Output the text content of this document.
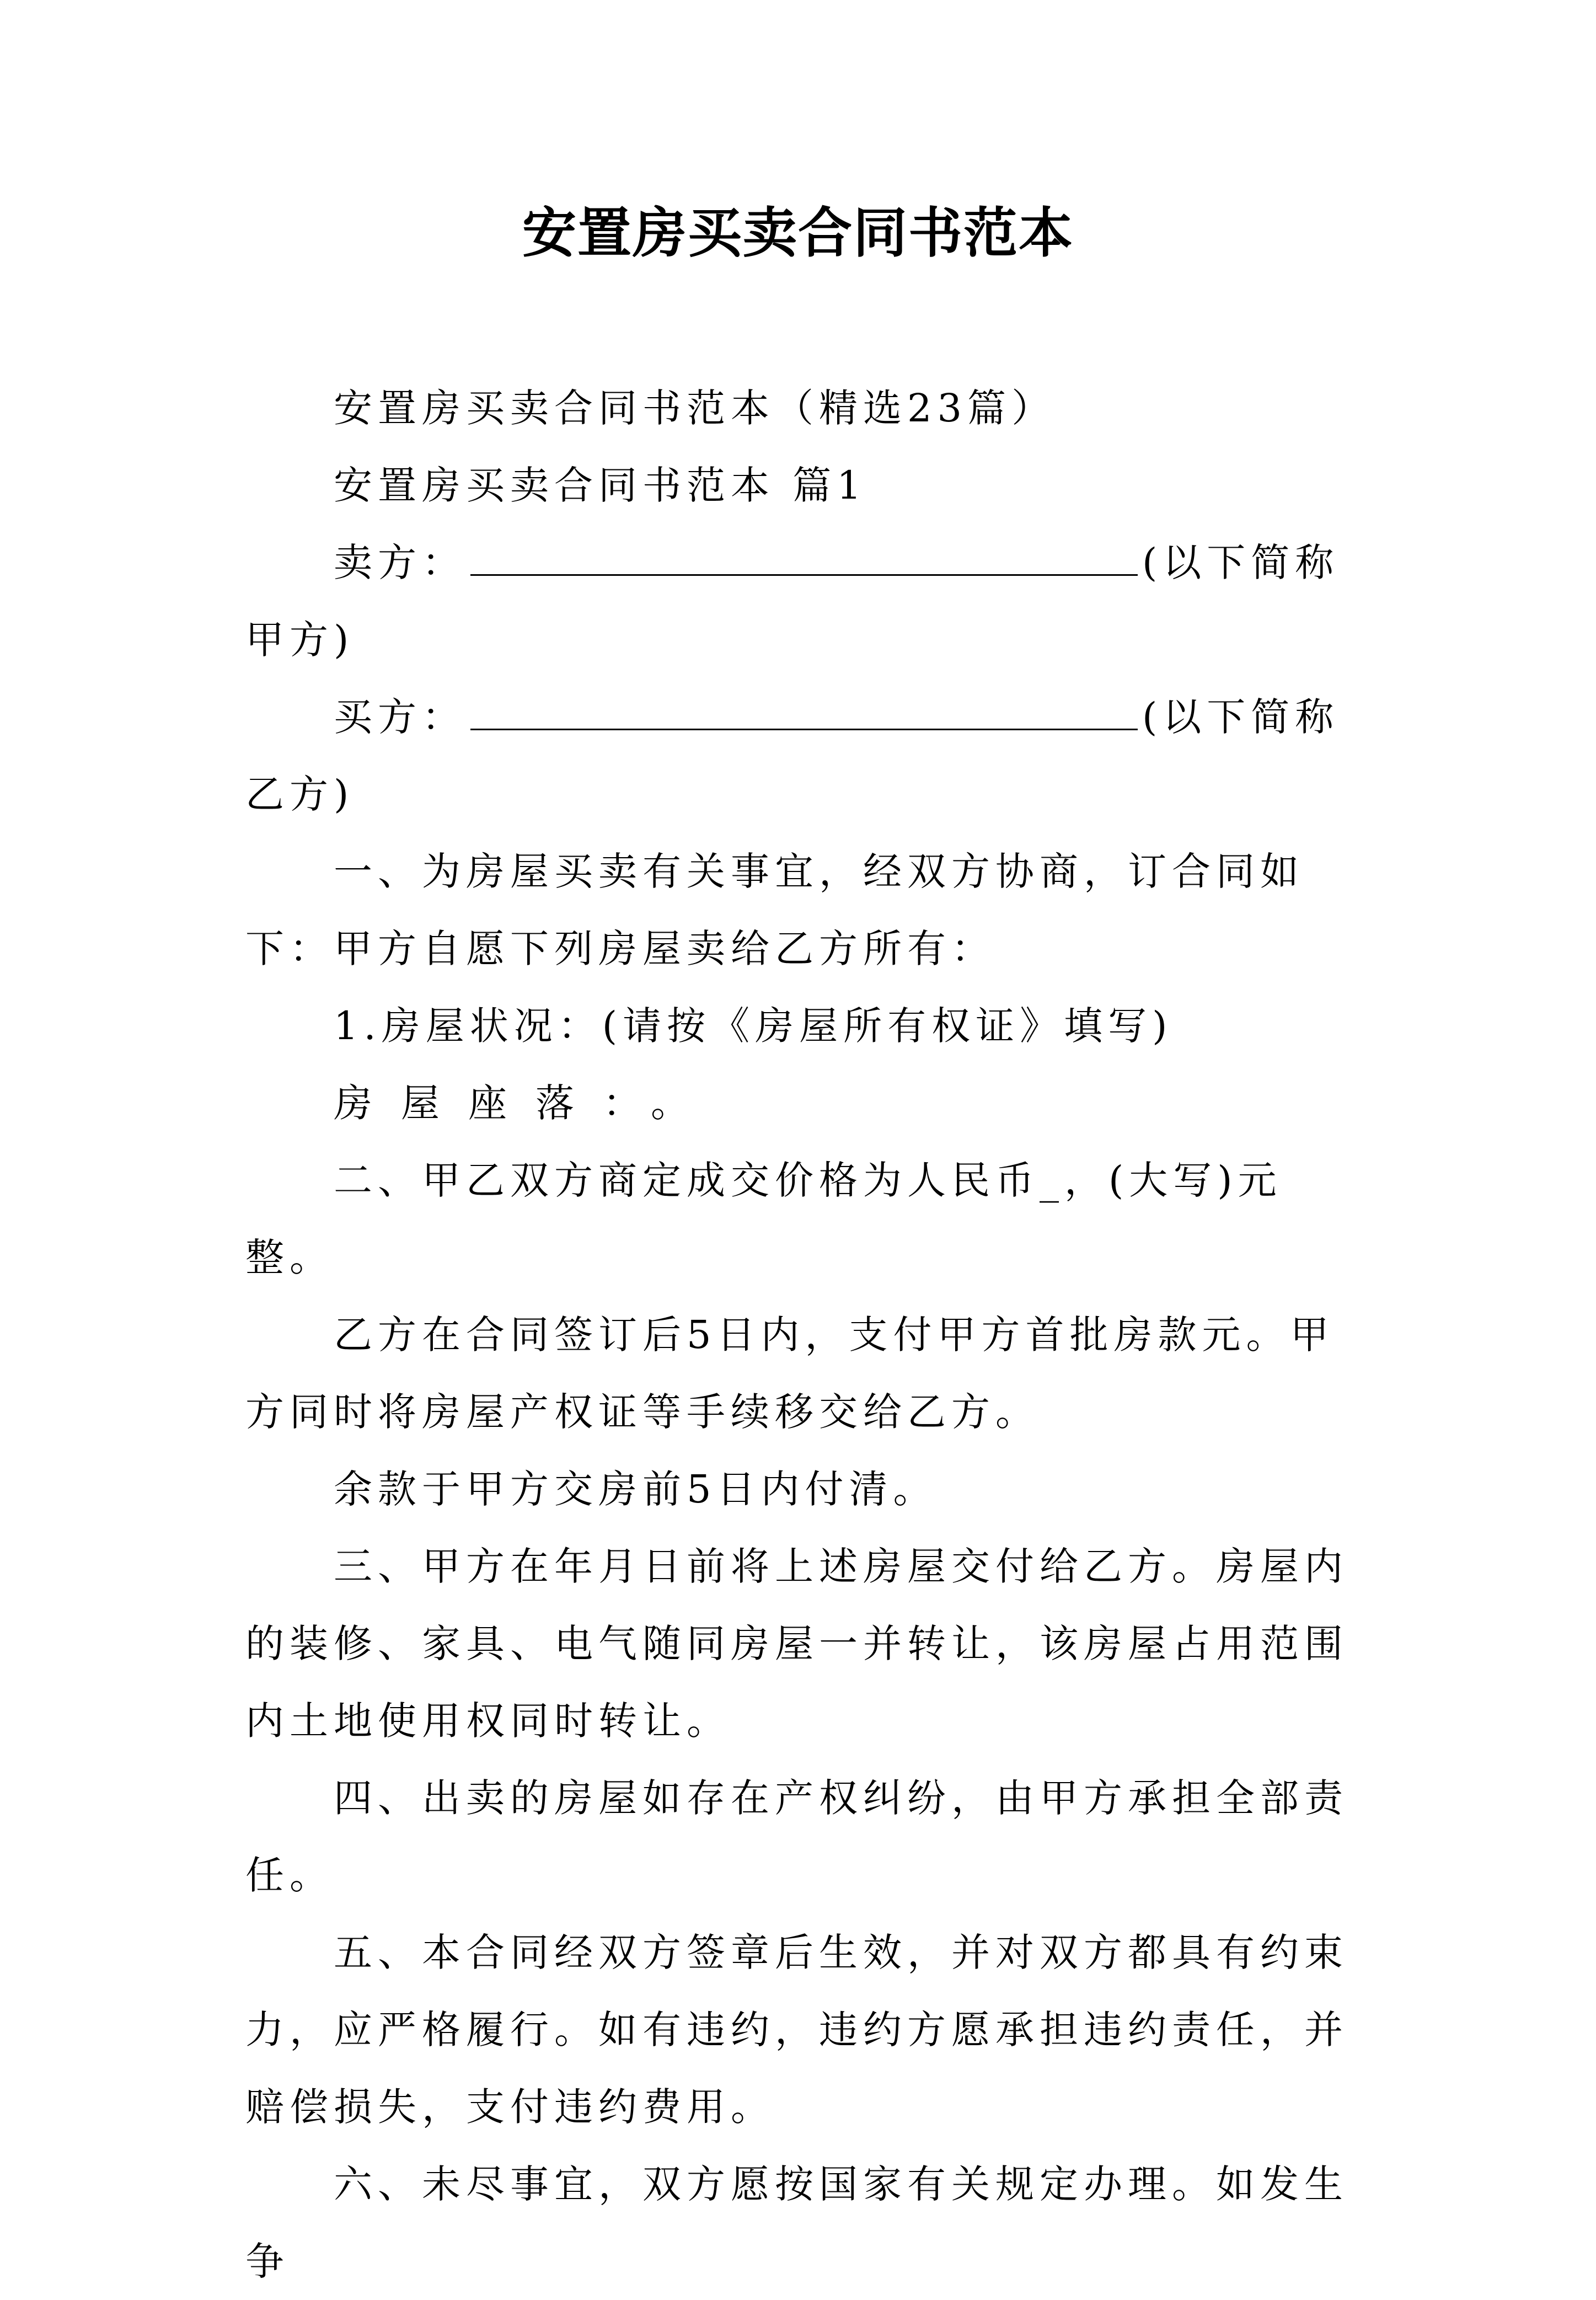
安置房买卖合同书范本

安置房买卖合同书范本（精选23篇）

安置房买卖合同书范本 篇1

卖方：	(以下简称甲方)

买方：	(以下简称乙方)

一、为房屋买卖有关事宜，经双方协商，订合同如下：甲方自愿下列房屋卖给乙方所有：

1.房屋状况：(请按《房屋所有权证》填写)

房屋座落：。

二、甲乙双方商定成交价格为人民币_，(大写)元整。

乙方在合同签订后5日内，支付甲方首批房款元。甲方同时将房屋产权证等手续移交给乙方。

余款于甲方交房前5日内付清。

三、甲方在年月日前将上述房屋交付给乙方。房屋内的装修、家具、电气随同房屋一并转让，该房屋占用范围内土地使用权同时转让。

四、出卖的房屋如存在产权纠纷，由甲方承担全部责任。

五、本合同经双方签章后生效，并对双方都具有约束力，应严格履行。如有违约，违约方愿承担违约责任，并赔偿损失，支付违约费用。

六、未尽事宜，双方愿按国家有关规定办理。如发生争
